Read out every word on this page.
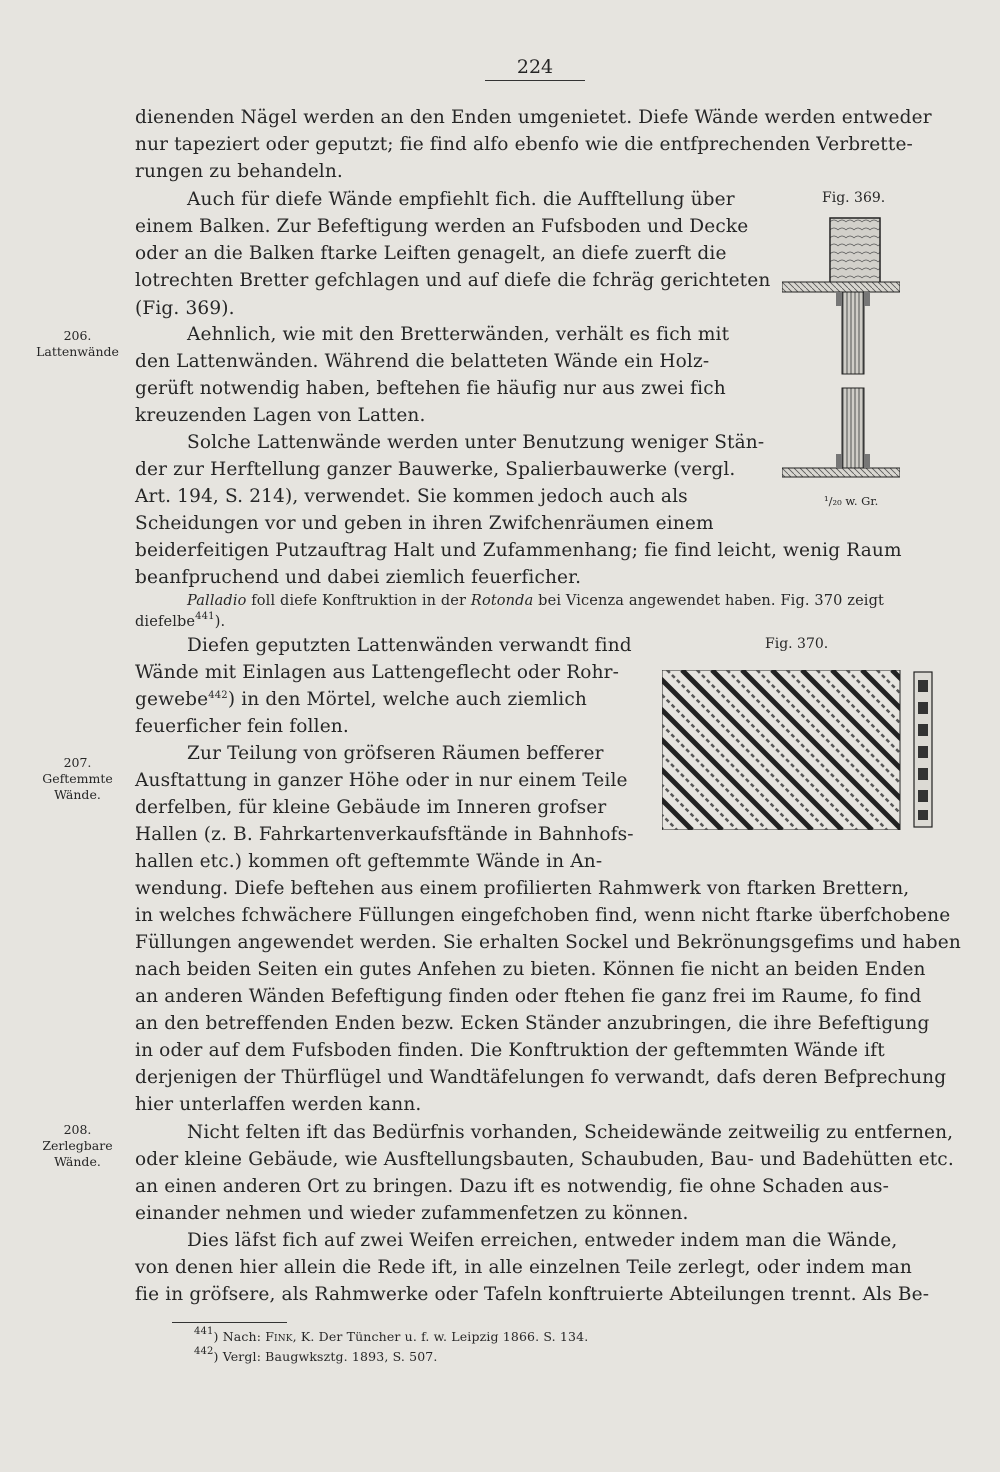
224
dienenden Nägel werden an den Enden umgenietet. Diefe Wände werden entweder
nur tapeziert oder geputzt; fie find alfo ebenfo wie die entfprechenden Verbrette-
rungen zu behandeln.
Auch für diefe Wände empfiehlt fich. die Aufftellung über
einem Balken. Zur Befeftigung werden an Fufsboden und Decke
oder an die Balken ftarke Leiften genagelt, an diefe zuerft die
lotrechten Bretter gefchlagen und auf diefe die fchräg gerichteten
(Fig. 369).
Aehnlich, wie mit den Bretterwänden, verhält es fich mit
den Lattenwänden. Während die belatteten Wände ein Holz-
gerüft notwendig haben, beftehen fie häufig nur aus zwei fich
kreuzenden Lagen von Latten.
Solche Lattenwände werden unter Benutzung weniger Stän-
der zur Herftellung ganzer Bauwerke, Spalierbauwerke (vergl.
Art. 194, S. 214), verwendet. Sie kommen jedoch auch als
Scheidungen vor und geben in ihren Zwifchenräumen einem
beiderfeitigen Putzauftrag Halt und Zufammenhang; fie find leicht, wenig Raum
beanfpruchend und dabei ziemlich feuerficher.
Palladio foll diefe Konftruktion in der Rotonda bei Vicenza angewendet haben. Fig. 370 zeigt
diefelbe$^{441}$).
Diefen geputzten Lattenwänden verwandt find
Wände mit Einlagen aus Lattengeflecht oder Rohr-
gewebe$^{442}$) in den Mörtel, welche auch ziemlich
feuerficher fein follen.
Zur Teilung von gröfseren Räumen befferer
Ausftattung in ganzer Höhe oder in nur einem Teile
derfelben, für kleine Gebäude im Inneren grofser
Hallen (z. B. Fahrkartenverkaufsftände in Bahnhofs-
hallen etc.) kommen oft geftemmte Wände in An-
wendung. Diefe beftehen aus einem profilierten Rahmwerk von ftarken Brettern,
in welches fchwächere Füllungen eingefchoben find, wenn nicht ftarke überfchobene
Füllungen angewendet werden. Sie erhalten Sockel und Bekrönungsgefims und haben
nach beiden Seiten ein gutes Anfehen zu bieten. Können fie nicht an beiden Enden
an anderen Wänden Befeftigung finden oder ftehen fie ganz frei im Raume, fo find
an den betreffenden Enden bezw. Ecken Ständer anzubringen, die ihre Befeftigung
in oder auf dem Fufsboden finden. Die Konftruktion der geftemmten Wände ift
derjenigen der Thürflügel und Wandtäfelungen fo verwandt, dafs deren Befprechung
hier unterlaffen werden kann.
Nicht felten ift das Bedürfnis vorhanden, Scheidewände zeitweilig zu entfernen,
oder kleine Gebäude, wie Ausftellungsbauten, Schaubuden, Bau- und Badehütten etc.
an einen anderen Ort zu bringen. Dazu ift es notwendig, fie ohne Schaden aus-
einander nehmen und wieder zufammenfetzen zu können.
Dies läfst fich auf zwei Weifen erreichen, entweder indem man die Wände,
von denen hier allein die Rede ift, in alle einzelnen Teile zerlegt, oder indem man
fie in gröfsere, als Rahmwerke oder Tafeln konftruierte Abteilungen trennt. Als Be-
206.
Lattenwände
207.
Geftemmte
Wände.
208.
Zerlegbare
Wände.
Fig. 369.
¹/₂₀ w. Gr.
Fig. 370.
$^{441}$) Nach: Fink, K. Der Tüncher u. f. w. Leipzig 1866. S. 134.
$^{442}$) Vergl: Baugwksztg. 1893, S. 507.
